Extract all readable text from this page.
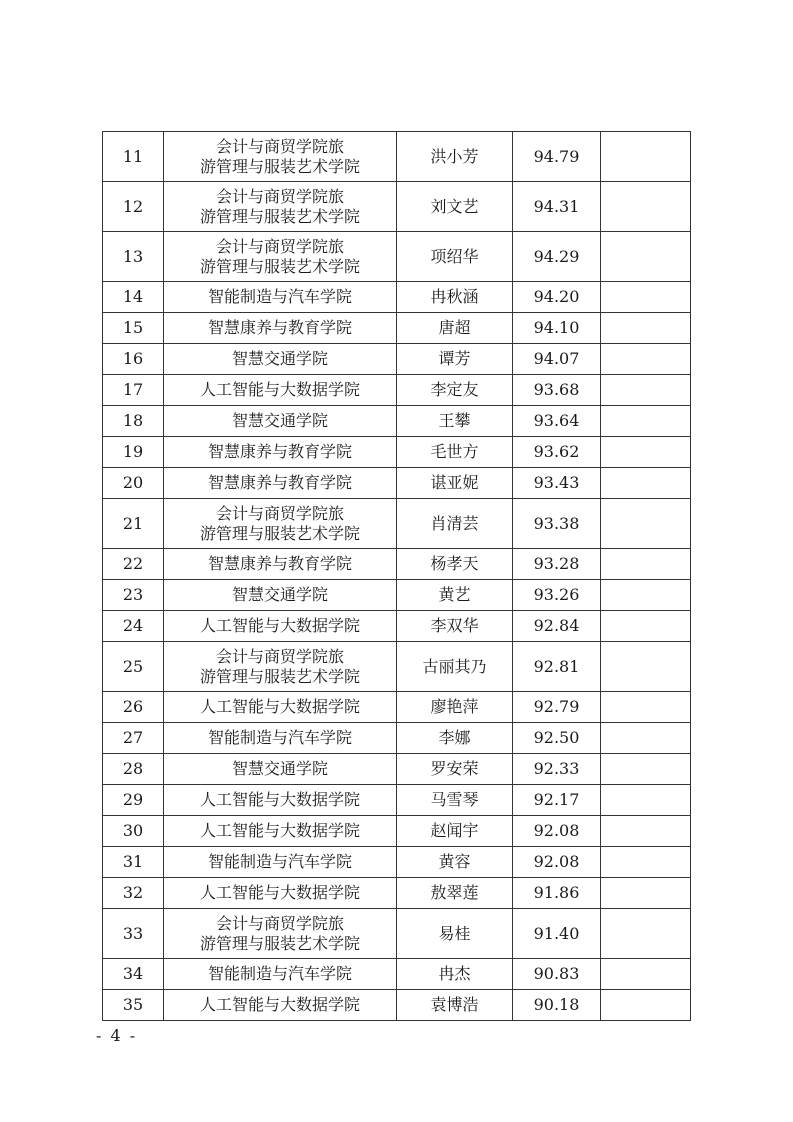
11	会计与商贸学院旅
游管理与服装艺术学院	洪小芳	94.79	
12	会计与商贸学院旅
游管理与服装艺术学院	刘文艺	94.31	
13	会计与商贸学院旅
游管理与服装艺术学院	项绍华	94.29	
14	智能制造与汽车学院	冉秋涵	94.20	
15	智慧康养与教育学院	唐超	94.10	
16	智慧交通学院	谭芳	94.07	
17	人工智能与大数据学院	李定友	93.68	
18	智慧交通学院	王攀	93.64	
19	智慧康养与教育学院	毛世方	93.62	
20	智慧康养与教育学院	谌亚妮	93.43	
21	会计与商贸学院旅
游管理与服装艺术学院	肖清芸	93.38	
22	智慧康养与教育学院	杨孝天	93.28	
23	智慧交通学院	黄艺	93.26	
24	人工智能与大数据学院	李双华	92.84	
25	会计与商贸学院旅
游管理与服装艺术学院	古丽其乃	92.81	
26	人工智能与大数据学院	廖艳萍	92.79	
27	智能制造与汽车学院	李娜	92.50	
28	智慧交通学院	罗安荣	92.33	
29	人工智能与大数据学院	马雪琴	92.17	
30	人工智能与大数据学院	赵闻宇	92.08	
31	智能制造与汽车学院	黄容	92.08	
32	人工智能与大数据学院	敖翠莲	91.86	
33	会计与商贸学院旅
游管理与服装艺术学院	易桂	91.40	
34	智能制造与汽车学院	冉杰	90.83	
35	人工智能与大数据学院	袁博浩	90.18	
- 4 -
